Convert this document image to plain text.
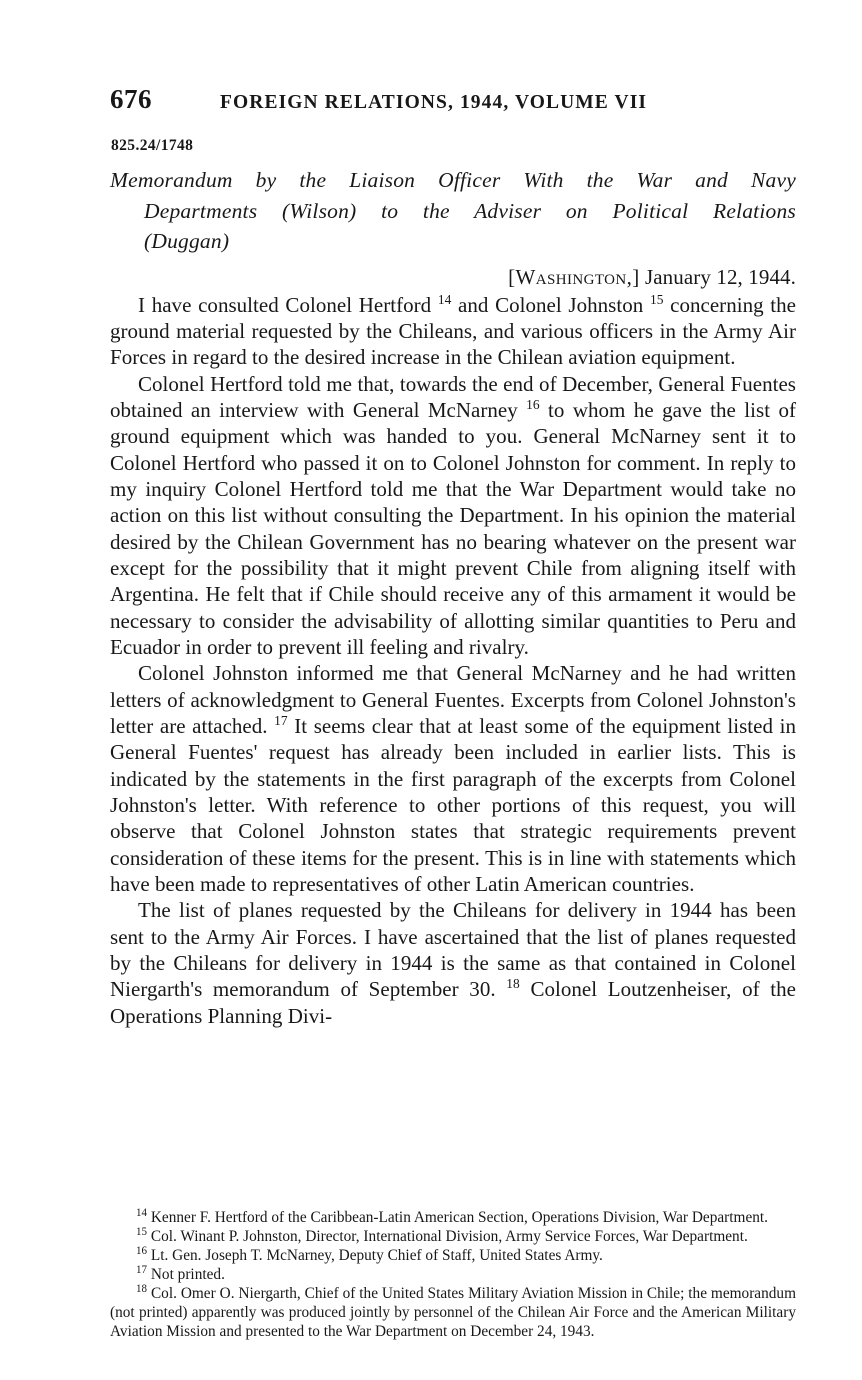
676	FOREIGN RELATIONS, 1944, VOLUME VII
825.24/1748
Memorandum by the Liaison Officer With the War and Navy
Departments (Wilson) to the Adviser on Political Relations
(Duggan)
[Washington,] January 12, 1944.

I have consulted Colonel Hertford $^{14}$ and Colonel Johnston $^{15}$ concerning the ground material requested by the Chileans, and various officers in the Army Air Forces in regard to the desired increase in the Chilean aviation equipment.

Colonel Hertford told me that, towards the end of December, General Fuentes obtained an interview with General McNarney $^{16}$ to whom he gave the list of ground equipment which was handed to you. General McNarney sent it to Colonel Hertford who passed it on to Colonel Johnston for comment. In reply to my inquiry Colonel Hertford told me that the War Department would take no action on this list without consulting the Department. In his opinion the material desired by the Chilean Government has no bearing whatever on the present war except for the possibility that it might prevent Chile from aligning itself with Argentina. He felt that if Chile should receive any of this armament it would be necessary to consider the advisability of allotting similar quantities to Peru and Ecuador in order to prevent ill feeling and rivalry.

Colonel Johnston informed me that General McNarney and he had written letters of acknowledgment to General Fuentes. Excerpts from Colonel Johnston's letter are attached. $^{17}$ It seems clear that at least some of the equipment listed in General Fuentes' request has already been included in earlier lists. This is indicated by the statements in the first paragraph of the excerpts from Colonel Johnston's letter. With reference to other portions of this request, you will observe that Colonel Johnston states that strategic requirements prevent consideration of these items for the present. This is in line with statements which have been made to representatives of other Latin American countries.

The list of planes requested by the Chileans for delivery in 1944 has been sent to the Army Air Forces. I have ascertained that the list of planes requested by the Chileans for delivery in 1944 is the same as that contained in Colonel Niergarth's memorandum of September 30. $^{18}$ Colonel Loutzenheiser, of the Operations Planning Divi-

$^{14}$ Kenner F. Hertford of the Caribbean-Latin American Section, Operations Division, War Department.

$^{15}$ Col. Winant P. Johnston, Director, International Division, Army Service Forces, War Department.

$^{16}$ Lt. Gen. Joseph T. McNarney, Deputy Chief of Staff, United States Army.

$^{17}$ Not printed.

$^{18}$ Col. Omer O. Niergarth, Chief of the United States Military Aviation Mission in Chile; the memorandum (not printed) apparently was produced jointly by personnel of the Chilean Air Force and the American Military Aviation Mission and presented to the War Department on December 24, 1943.
